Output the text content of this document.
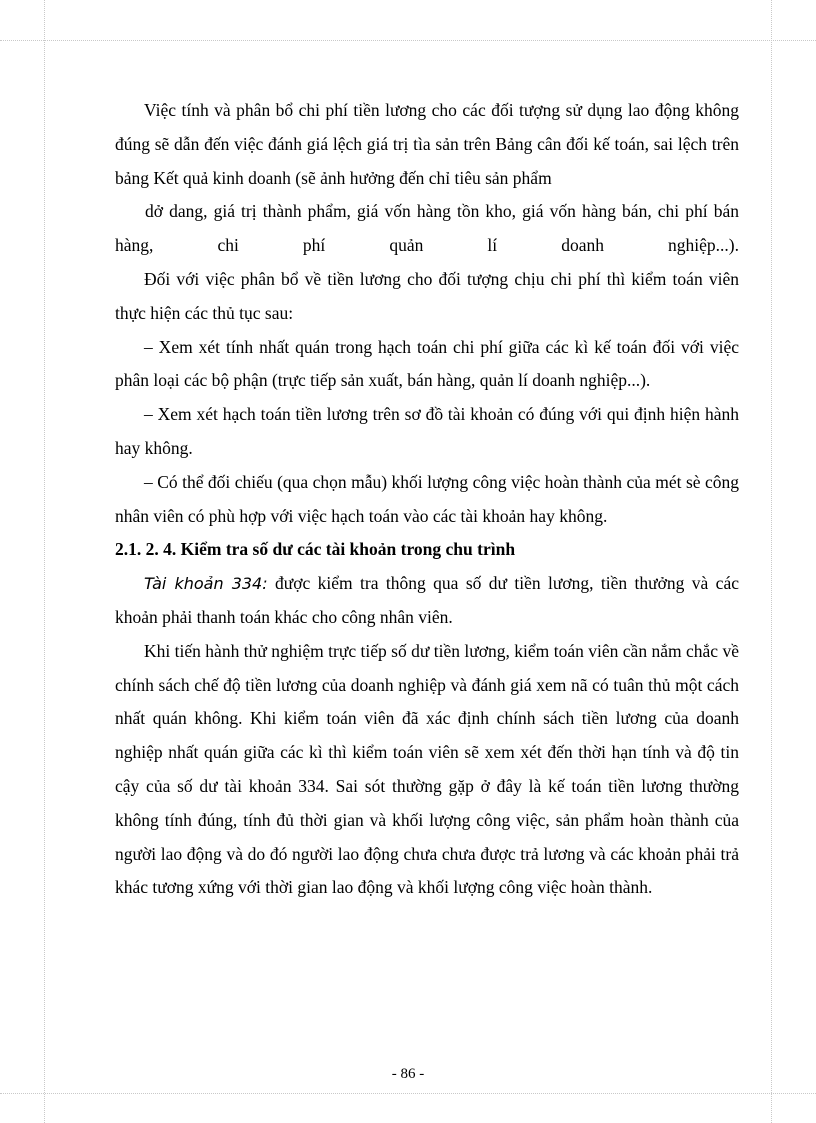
Việc tính và phân bổ chi phí tiền lương cho các đối tượng sử dụng lao động không đúng sẽ dẫn đến việc đánh giá lệch giá trị tìa sản trên Bảng cân đối kế toán, sai lệch trên bảng Kết quả kinh doanh (sẽ ảnh hưởng đến chỉ tiêu sản phẩm

dở dang, giá trị thành phẩm, giá vốn hàng tồn kho, giá vốn hàng bán, chi phí bán hàng, chi phí quản lí doanh nghiệp...).

Đối với việc phân bổ về tiền lương cho đối tượng chịu chi phí thì kiểm toán viên thực hiện các thủ tục sau:

– Xem xét tính nhất quán trong hạch toán chi phí giữa các kì kế toán đối với việc phân loại các bộ phận (trực tiếp sản xuất, bán hàng, quản lí doanh nghiệp...).

– Xem xét hạch toán tiền lương trên sơ đồ tài khoản có đúng với qui định hiện hành hay không.

– Có thể đối chiếu (qua chọn mẫu) khối lượng công việc hoàn thành của mét sè công nhân viên có phù hợp với việc hạch toán vào các tài khoản hay không.

2.1. 2. 4. Kiểm tra số dư các tài khoản trong chu trình

Tài khoản 334: được kiểm tra thông qua số dư tiền lương, tiền thưởng và các khoản phải thanh toán khác cho công nhân viên.

Khi tiến hành thử nghiệm trực tiếp số dư tiền lương, kiểm toán viên cần nắm chắc về chính sách chế độ tiền lương của doanh nghiệp và đánh giá xem nã có tuân thủ một cách nhất quán không. Khi kiểm toán viên đã xác định chính sách tiền lương của doanh nghiệp nhất quán giữa các kì thì kiểm toán viên sẽ xem xét đến thời hạn tính và độ tin cậy của số dư tài khoản 334. Sai sót thường gặp ở đây là kế toán tiền lương thường không tính đúng, tính đủ thời gian và khối lượng công việc, sản phẩm hoàn thành của người lao động và do đó người lao động chưa chưa được trả lương và các khoản phải trả khác tương xứng với thời gian lao động và khối lượng công việc hoàn thành.

- 86 -
